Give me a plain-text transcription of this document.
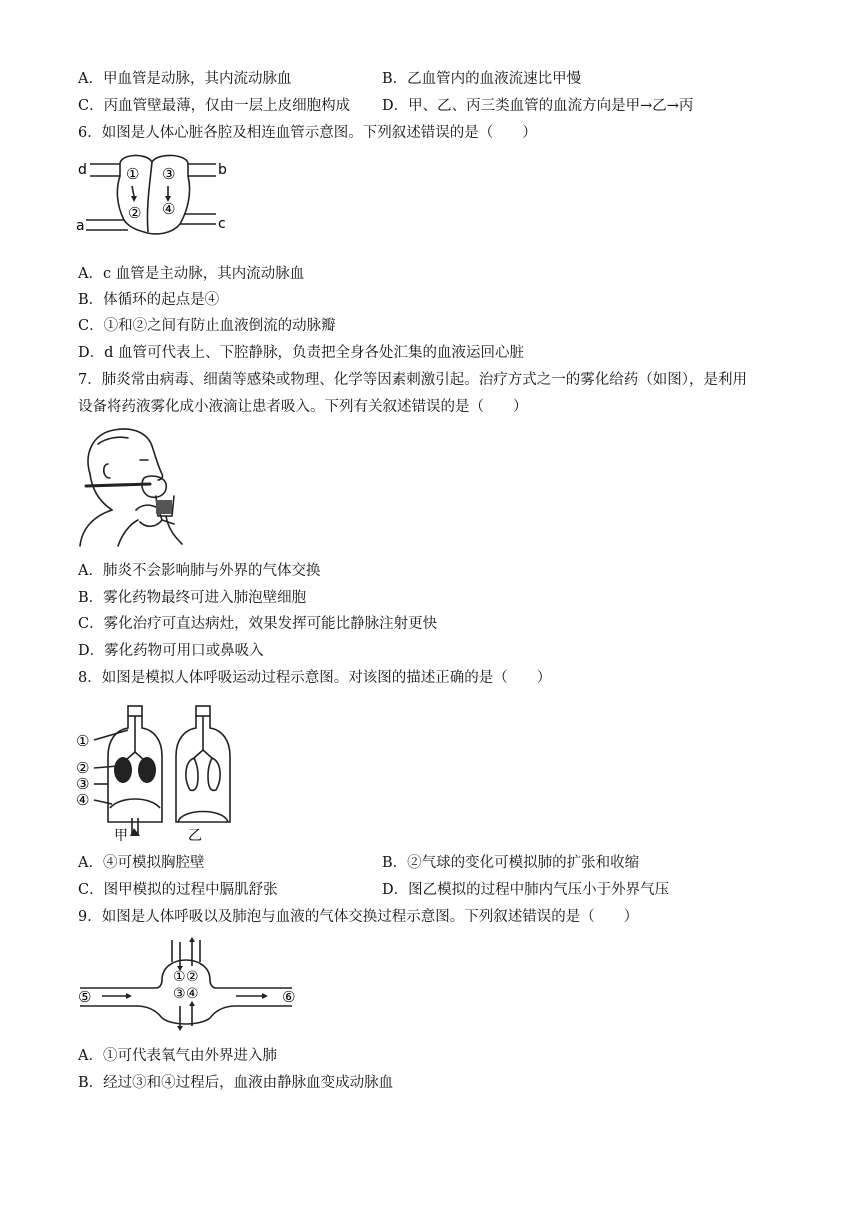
A．甲血管是动脉，其内流动脉血	B．乙血管内的血液流速比甲慢
C．丙血管壁最薄，仅由一层上皮细胞构成 D．甲、乙、丙三类血管的血流方向是甲→乙→丙
6．如图是人体心脏各腔及相连血管示意图。下列叙述错误的是（　　）
d	b
a	c
①
②
③
④
A．c 血管是主动脉，其内流动脉血
B．体循环的起点是④
C．①和②之间有防止血液倒流的动脉瓣
D．d 血管可代表上、下腔静脉，负责把全身各处汇集的血液运回心脏
7．肺炎常由病毒、细菌等感染或物理、化学等因素刺激引起。治疗方式之一的雾化给药（如图），是利用
设备将药液雾化成小液滴让患者吸入。下列有关叙述错误的是（　　）
A．肺炎不会影响肺与外界的气体交换
B．雾化药物最终可进入肺泡壁细胞
C．雾化治疗可直达病灶，效果发挥可能比静脉注射更快
D．雾化药物可用口或鼻吸入
8．如图是模拟人体呼吸运动过程示意图。对该图的描述正确的是（　　）
①
②
③
④
甲	乙
A．④可模拟胸腔壁	B．②气球的变化可模拟肺的扩张和收缩
C．图甲模拟的过程中膈肌舒张	D．图乙模拟的过程中肺内气压小于外界气压
9．如图是人体呼吸以及肺泡与血液的气体交换过程示意图。下列叙述错误的是（　　）
① ②
③ ④
⑤	⑥
A．①可代表氧气由外界进入肺
B．经过③和④过程后，血液由静脉血变成动脉血
